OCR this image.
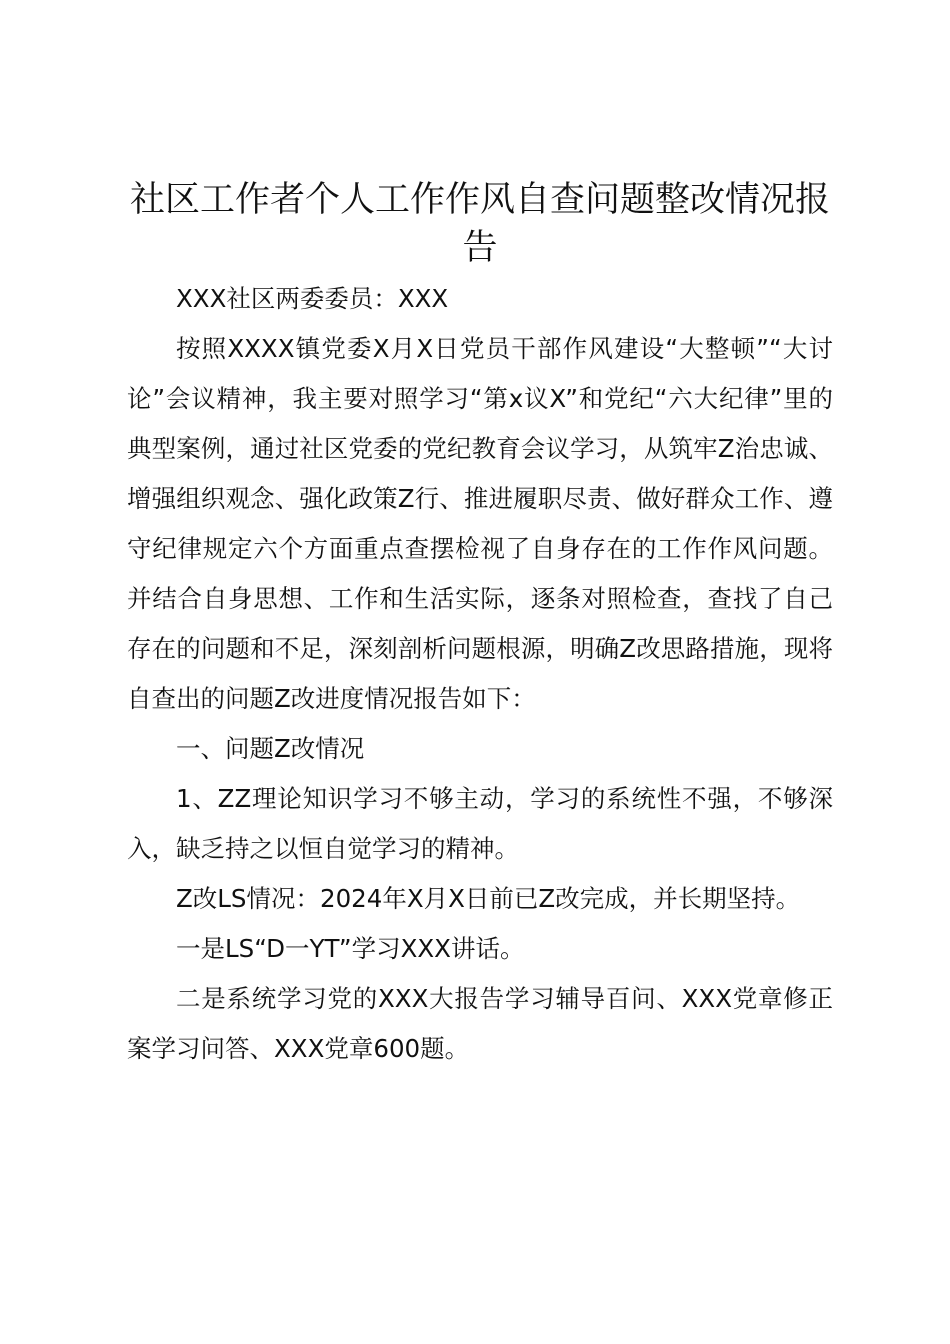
社区工作者个人工作作风自查问题整改情况报告

XXX社区两委委员：XXX

按照XXXX镇党委X月X日党员干部作风建设“大整顿”“大讨论”会议精神，我主要对照学习“第x议X”和党纪“六大纪律”里的典型案例，通过社区党委的党纪教育会议学习，从筑牢Z治忠诚、增强组织观念、强化政策Z行、推进履职尽责、做好群众工作、遵守纪律规定六个方面重点查摆检视了自身存在的工作作风问题。并结合自身思想、工作和生活实际，逐条对照检查，查找了自己存在的问题和不足，深刻剖析问题根源，明确Z改思路措施，现将自查出的问题Z改进度情况报告如下：

一、问题Z改情况

1、ZZ理论知识学习不够主动，学习的系统性不强，不够深入，缺乏持之以恒自觉学习的精神。

Z改LS情况：2024年X月X日前已Z改完成，并长期坚持。

一是LS“D一YT”学习XXX讲话。

二是系统学习党的XXX大报告学习辅导百问、XXX党章修正案学习问答、XXX党章600题。
